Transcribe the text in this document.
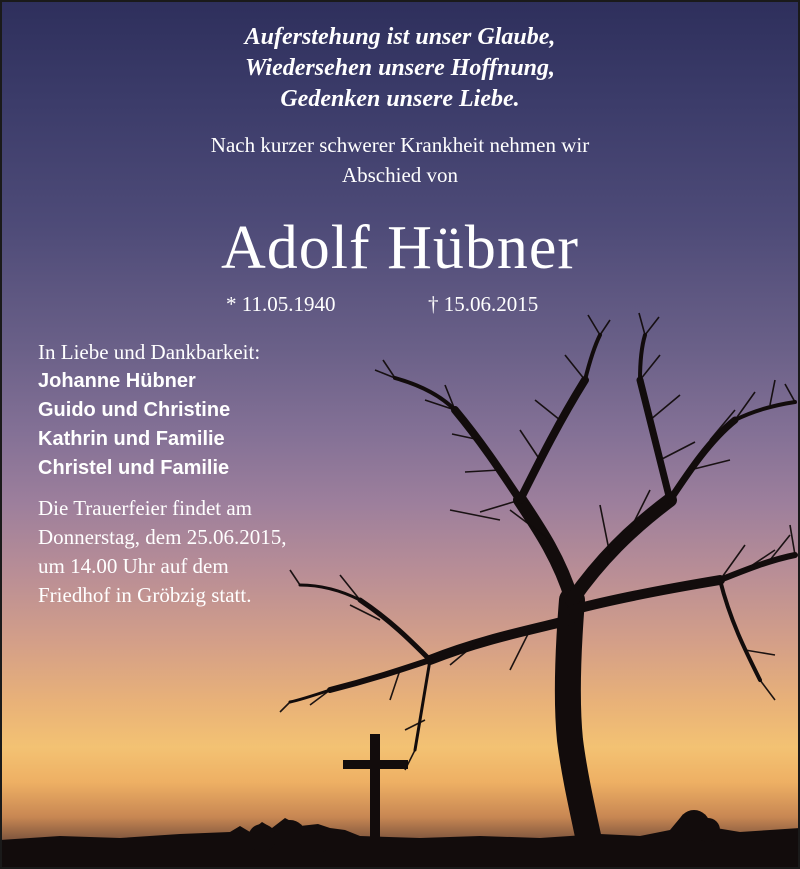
Auferstehung ist unser Glaube,
Wiedersehen unsere Hoffnung,
Gedenken unsere Liebe.
Nach kurzer schwerer Krankheit nehmen wir
Abschied von
Adolf Hübner
* 11.05.1940	† 15.06.2015
In Liebe und Dankbarkeit:
Johanne Hübner
Guido und Christine
Kathrin und Familie
Christel und Familie
Die Trauerfeier findet am
Donnerstag, dem 25.06.2015,
um 14.00 Uhr auf dem
Friedhof in Gröbzig statt.
